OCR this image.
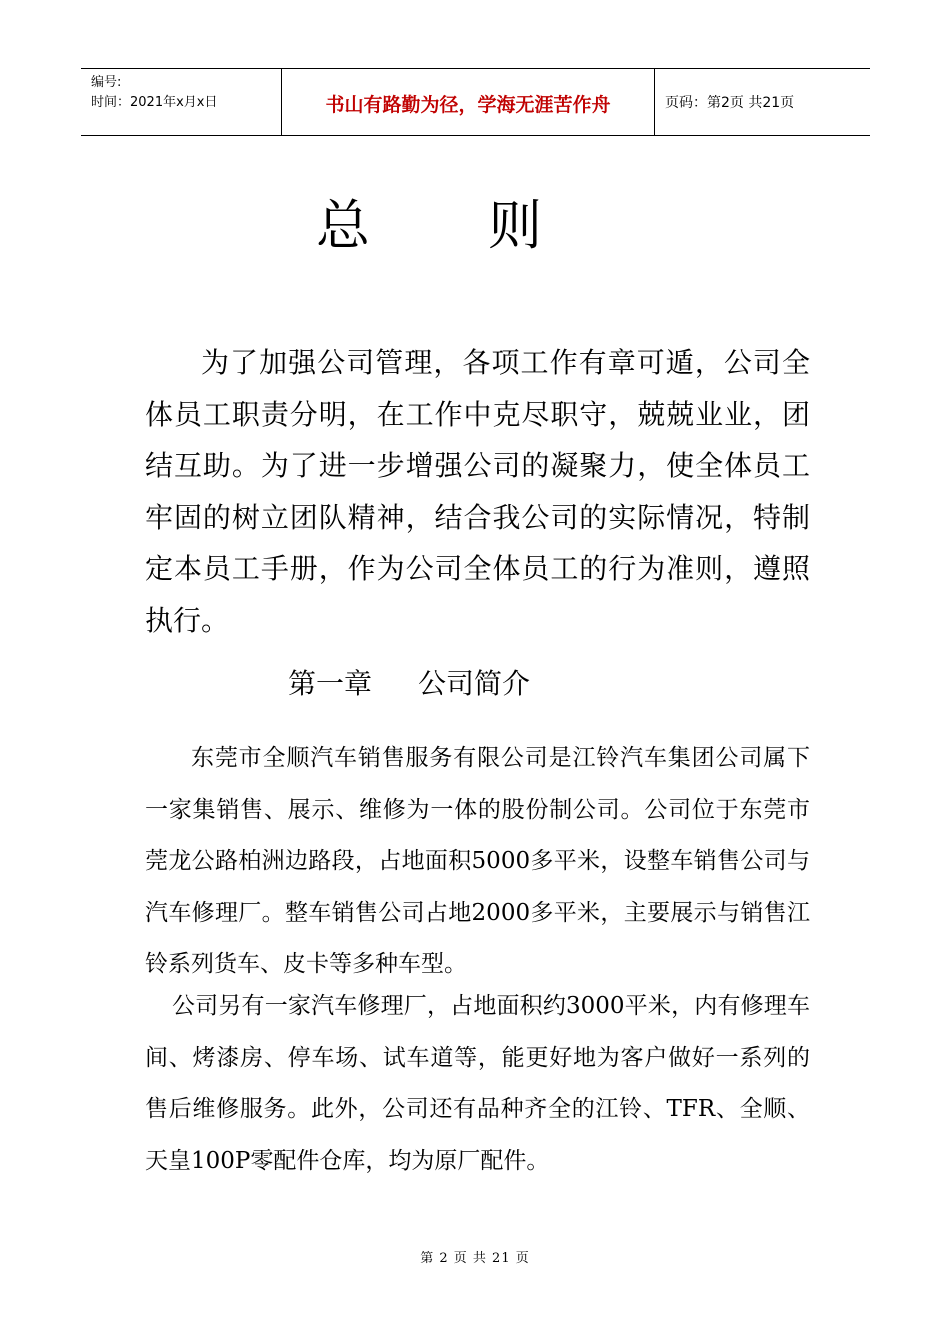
编号:
时间：2021年x月x日	书山有路勤为径，学海无涯苦作舟	页码：第2页 共21页
总 则

为了加强公司管理，各项工作有章可遁，公司全体员工职责分明，在工作中克尽职守，兢兢业业，团结互助。为了进一步增强公司的凝聚力，使全体员工牢固的树立团队精神，结合我公司的实际情况，特制定本员工手册，作为公司全体员工的行为准则，遵照执行。

第一章 公司简介

东莞市全顺汽车销售服务有限公司是江铃汽车集团公司属下一家集销售、展示、维修为一体的股份制公司。公司位于东莞市莞龙公路柏洲边路段，占地面积5000多平米，设整车销售公司与汽车修理厂。整车销售公司占地2000多平米，主要展示与销售江铃系列货车、皮卡等多种车型。

公司另有一家汽车修理厂，占地面积约3000平米，内有修理车间、烤漆房、停车场、试车道等，能更好地为客户做好一系列的售后维修服务。此外，公司还有品种齐全的江铃、TFR、全顺、天皇100P零配件仓库，均为原厂配件。

第 2 页 共 21 页
